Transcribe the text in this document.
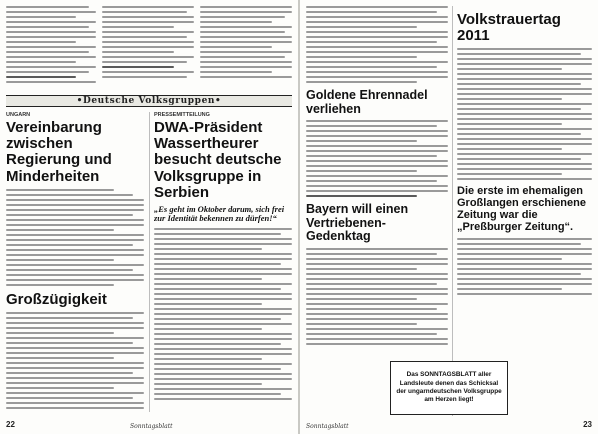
•Deutsche Volksgruppen•
UNGARN
Vereinbarung zwischen Regierung und Minderheiten
Großzügigkeit
PRESSEMITTEILUNG
DWA-Präsident Wassertheurer besucht deutsche Volksgruppe in Serbien
„Es geht im Oktober darum, sich frei zur Identität bekennen zu dürfen!“
22	Sonntagsblatt
Goldene Ehrennadel verliehen
Bayern will einen Vertriebenen-Gedenktag
Volkstrauertag 2011
Die erste im ehemaligen Großlangen erschienene Zeitung war die „Preßburger Zeitung“.
23
Sonntagsblatt
Das SONNTAGSBLATT aller Landsleute denen das Schicksal der ungarndeutschen Volksgruppe am Herzen liegt!
